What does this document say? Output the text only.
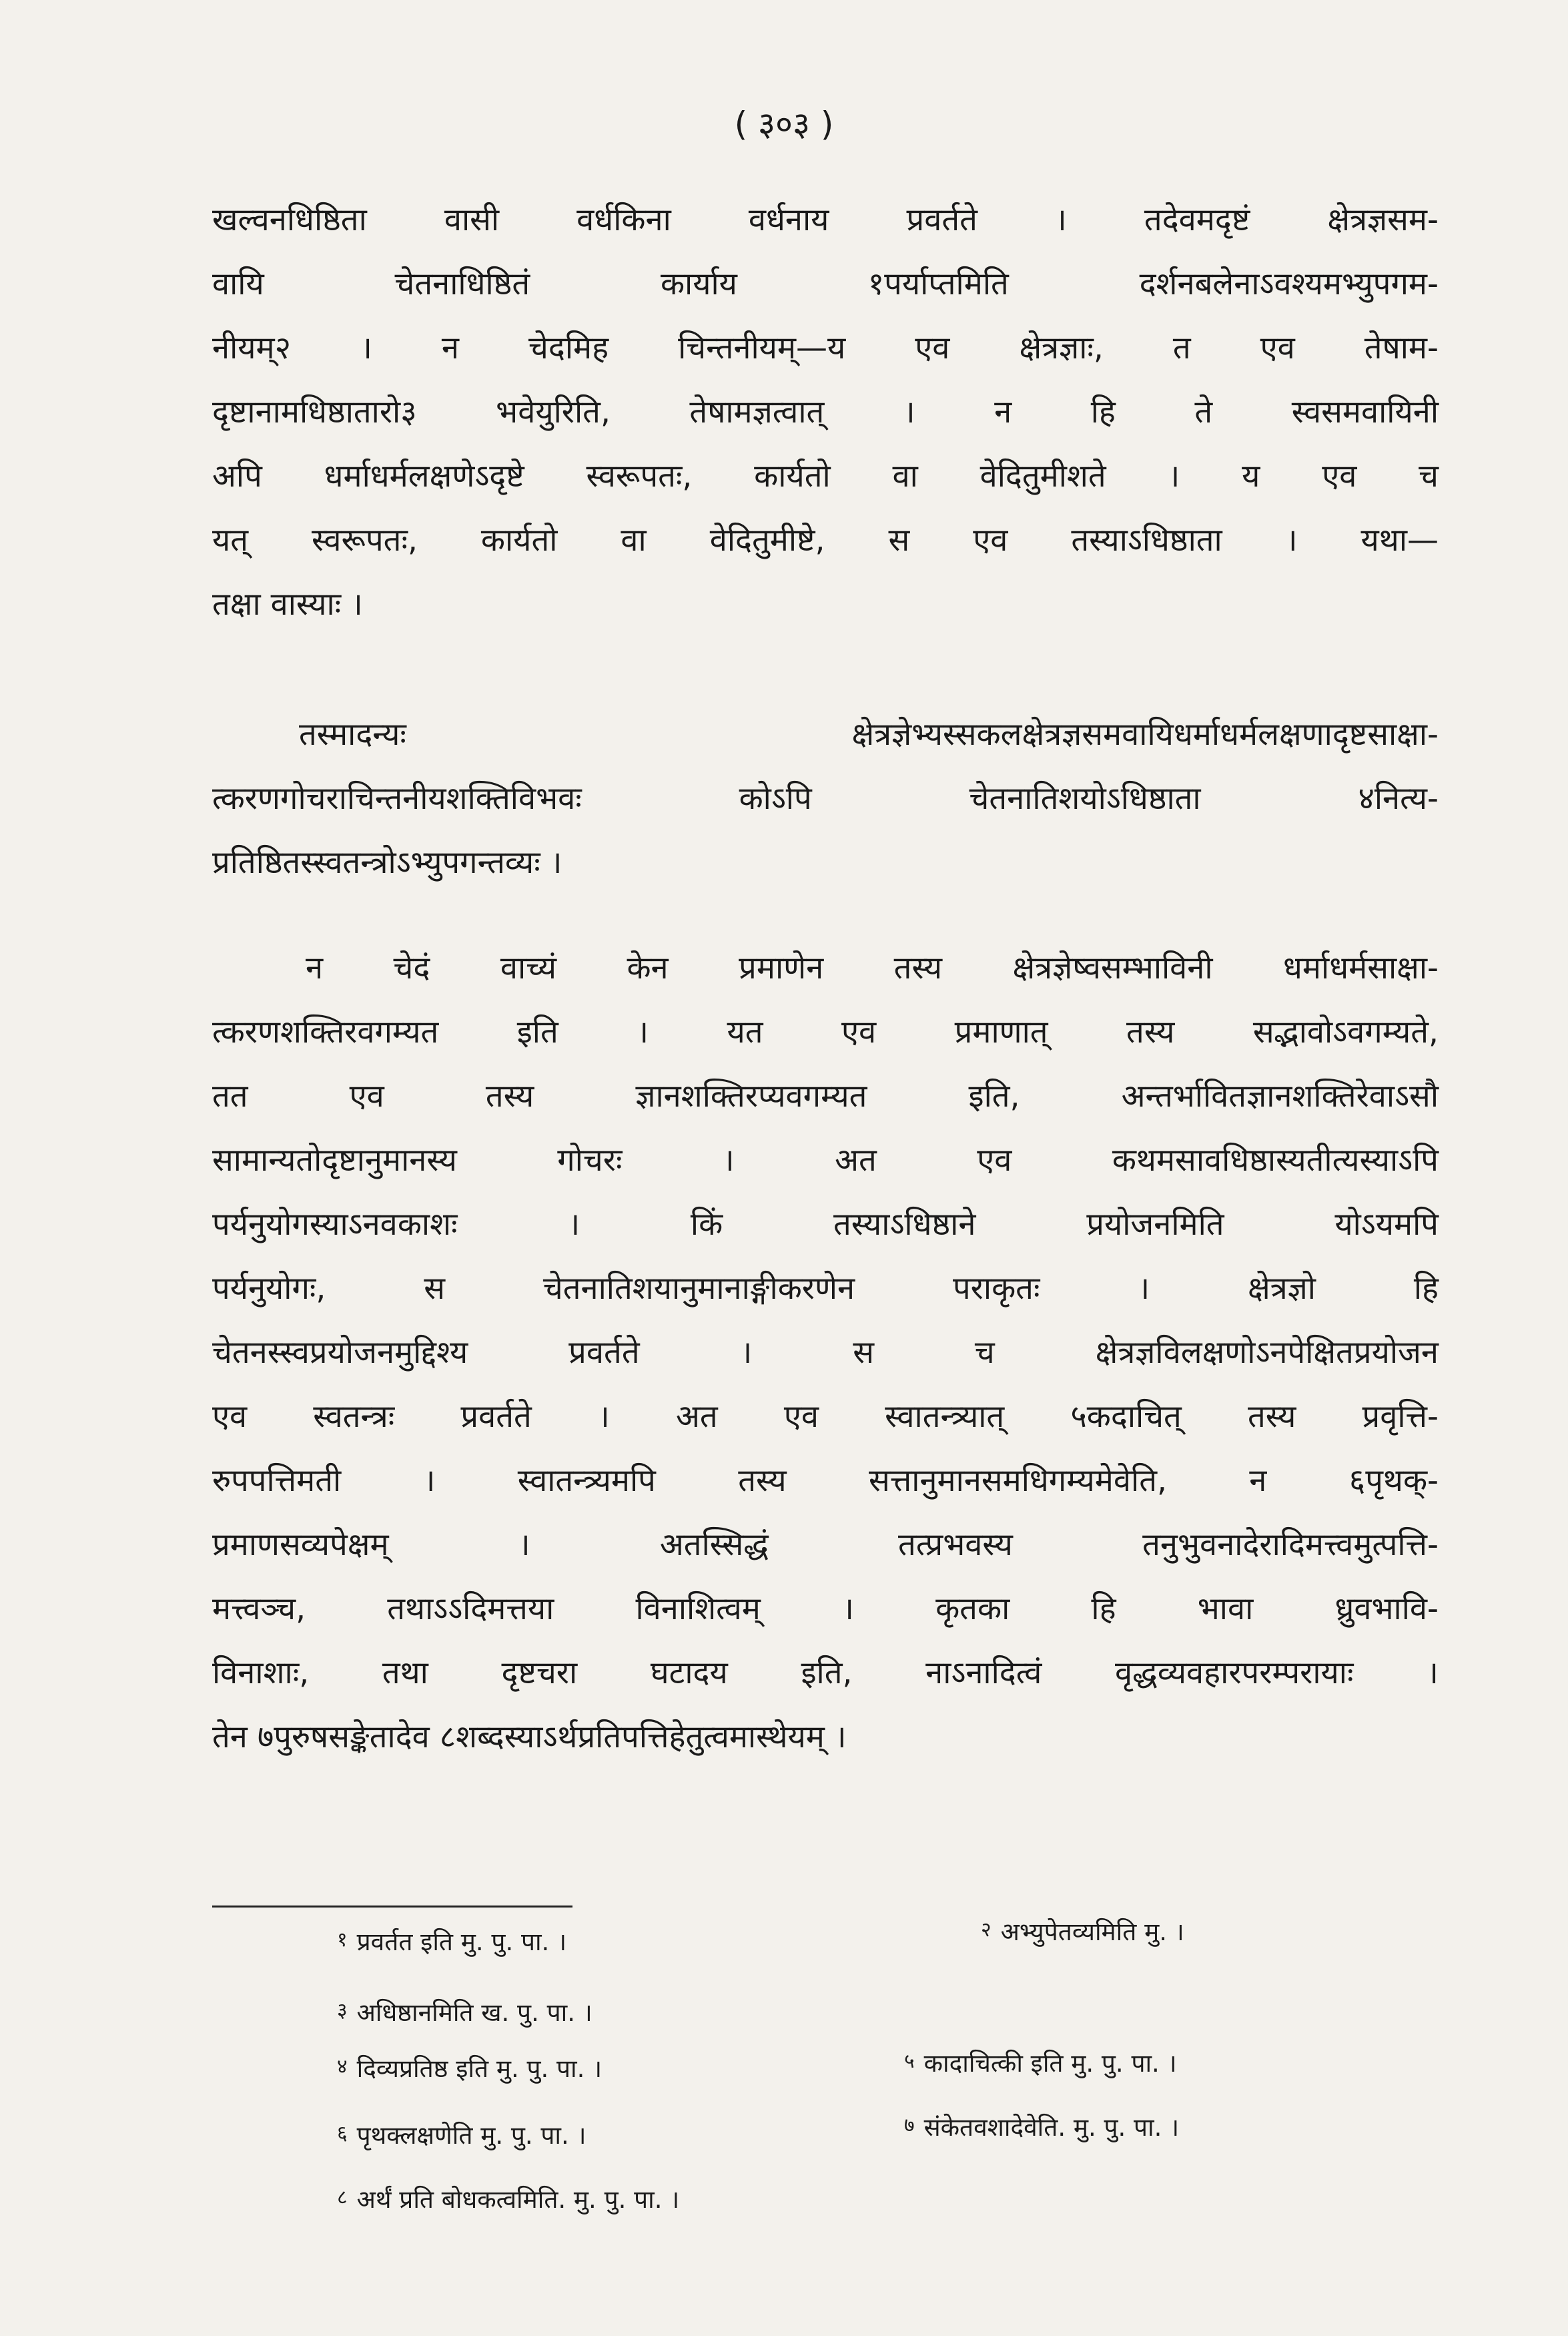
( ३०३ )
खल्वनधिष्ठिता वासी वर्धकिना वर्धनाय प्रवर्तते । तदेवमदृष्टं क्षेत्रज्ञसम-
वायि चेतनाधिष्ठितं कार्याय १पर्याप्तमिति दर्शनबलेनाऽवश्यमभ्युपगम-
नीयम्२ । न चेदमिह चिन्तनीयम्—य एव क्षेत्रज्ञाः, त एव तेषाम-
दृष्टानामधिष्ठातारो३ भवेयुरिति, तेषामज्ञत्वात् । न हि ते स्वसमवायिनी
अपि धर्माधर्मलक्षणेऽदृष्टे स्वरूपतः, कार्यतो वा वेदितुमीशते । य एव च
यत् स्वरूपतः, कार्यतो वा वेदितुमीष्टे, स एव तस्याऽधिष्ठाता । यथा—
तक्षा वास्याः ।
तस्मादन्यः क्षेत्रज्ञेभ्यस्सकलक्षेत्रज्ञसमवायिधर्माधर्मलक्षणादृष्टसाक्षा-
त्करणगोचराचिन्तनीयशक्तिविभवः कोऽपि चेतनातिशयोऽधिष्ठाता ४नित्य-
प्रतिष्ठितस्स्वतन्त्रोऽभ्युपगन्तव्यः ।
न चेदं वाच्यं केन प्रमाणेन तस्य क्षेत्रज्ञेष्वसम्भाविनी धर्माधर्मसाक्षा-
त्करणशक्तिरवगम्यत इति । यत एव प्रमाणात् तस्य सद्भावोऽवगम्यते,
तत एव तस्य ज्ञानशक्तिरप्यवगम्यत इति, अन्तर्भावितज्ञानशक्तिरेवाऽसौ
सामान्यतोदृष्टानुमानस्य गोचरः । अत एव कथमसावधिष्ठास्यतीत्यस्याऽपि
पर्यनुयोगस्याऽनवकाशः । किं तस्याऽधिष्ठाने प्रयोजनमिति योऽयमपि
पर्यनुयोगः, स चेतनातिशयानुमानाङ्गीकरणेन पराकृतः । क्षेत्रज्ञो हि
चेतनस्स्वप्रयोजनमुद्दिश्य प्रवर्तते । स च क्षेत्रज्ञविलक्षणोऽनपेक्षितप्रयोजन
एव स्वतन्त्रः प्रवर्तते । अत एव स्वातन्त्र्यात् ५कदाचित् तस्य प्रवृत्ति-
रुपपत्तिमती । स्वातन्त्र्यमपि तस्य सत्तानुमानसमधिगम्यमेवेति, न ६पृथक्-
प्रमाणसव्यपेक्षम् । अतस्सिद्धं तत्प्रभवस्य तनुभुवनादेरादिमत्त्वमुत्पत्ति-
मत्त्वञ्च, तथाऽऽदिमत्तया विनाशित्वम् । कृतका हि भावा ध्रुवभावि-
विनाशाः, तथा दृष्टचरा घटादय इति, नाऽनादित्वं वृद्धव्यवहारपरम्परायाः ।
तेन ७पुरुषसङ्केतादेव ८शब्दस्याऽर्थप्रतिपत्तिहेतुत्वमास्थेयम् ।
१ प्रवर्तत इति मु. पु. पा. ।	२ अभ्युपेतव्यमिति मु. ।
३ अधिष्ठानमिति ख. पु. पा. ।
४ दिव्यप्रतिष्ठ इति मु. पु. पा. ।	५ कादाचित्की इति मु. पु. पा. ।
६ पृथक्लक्षणेति मु. पु. पा. ।	७ संकेतवशादेवेति. मु. पु. पा. ।
८ अर्थं प्रति बोधकत्वमिति. मु. पु. पा. ।
